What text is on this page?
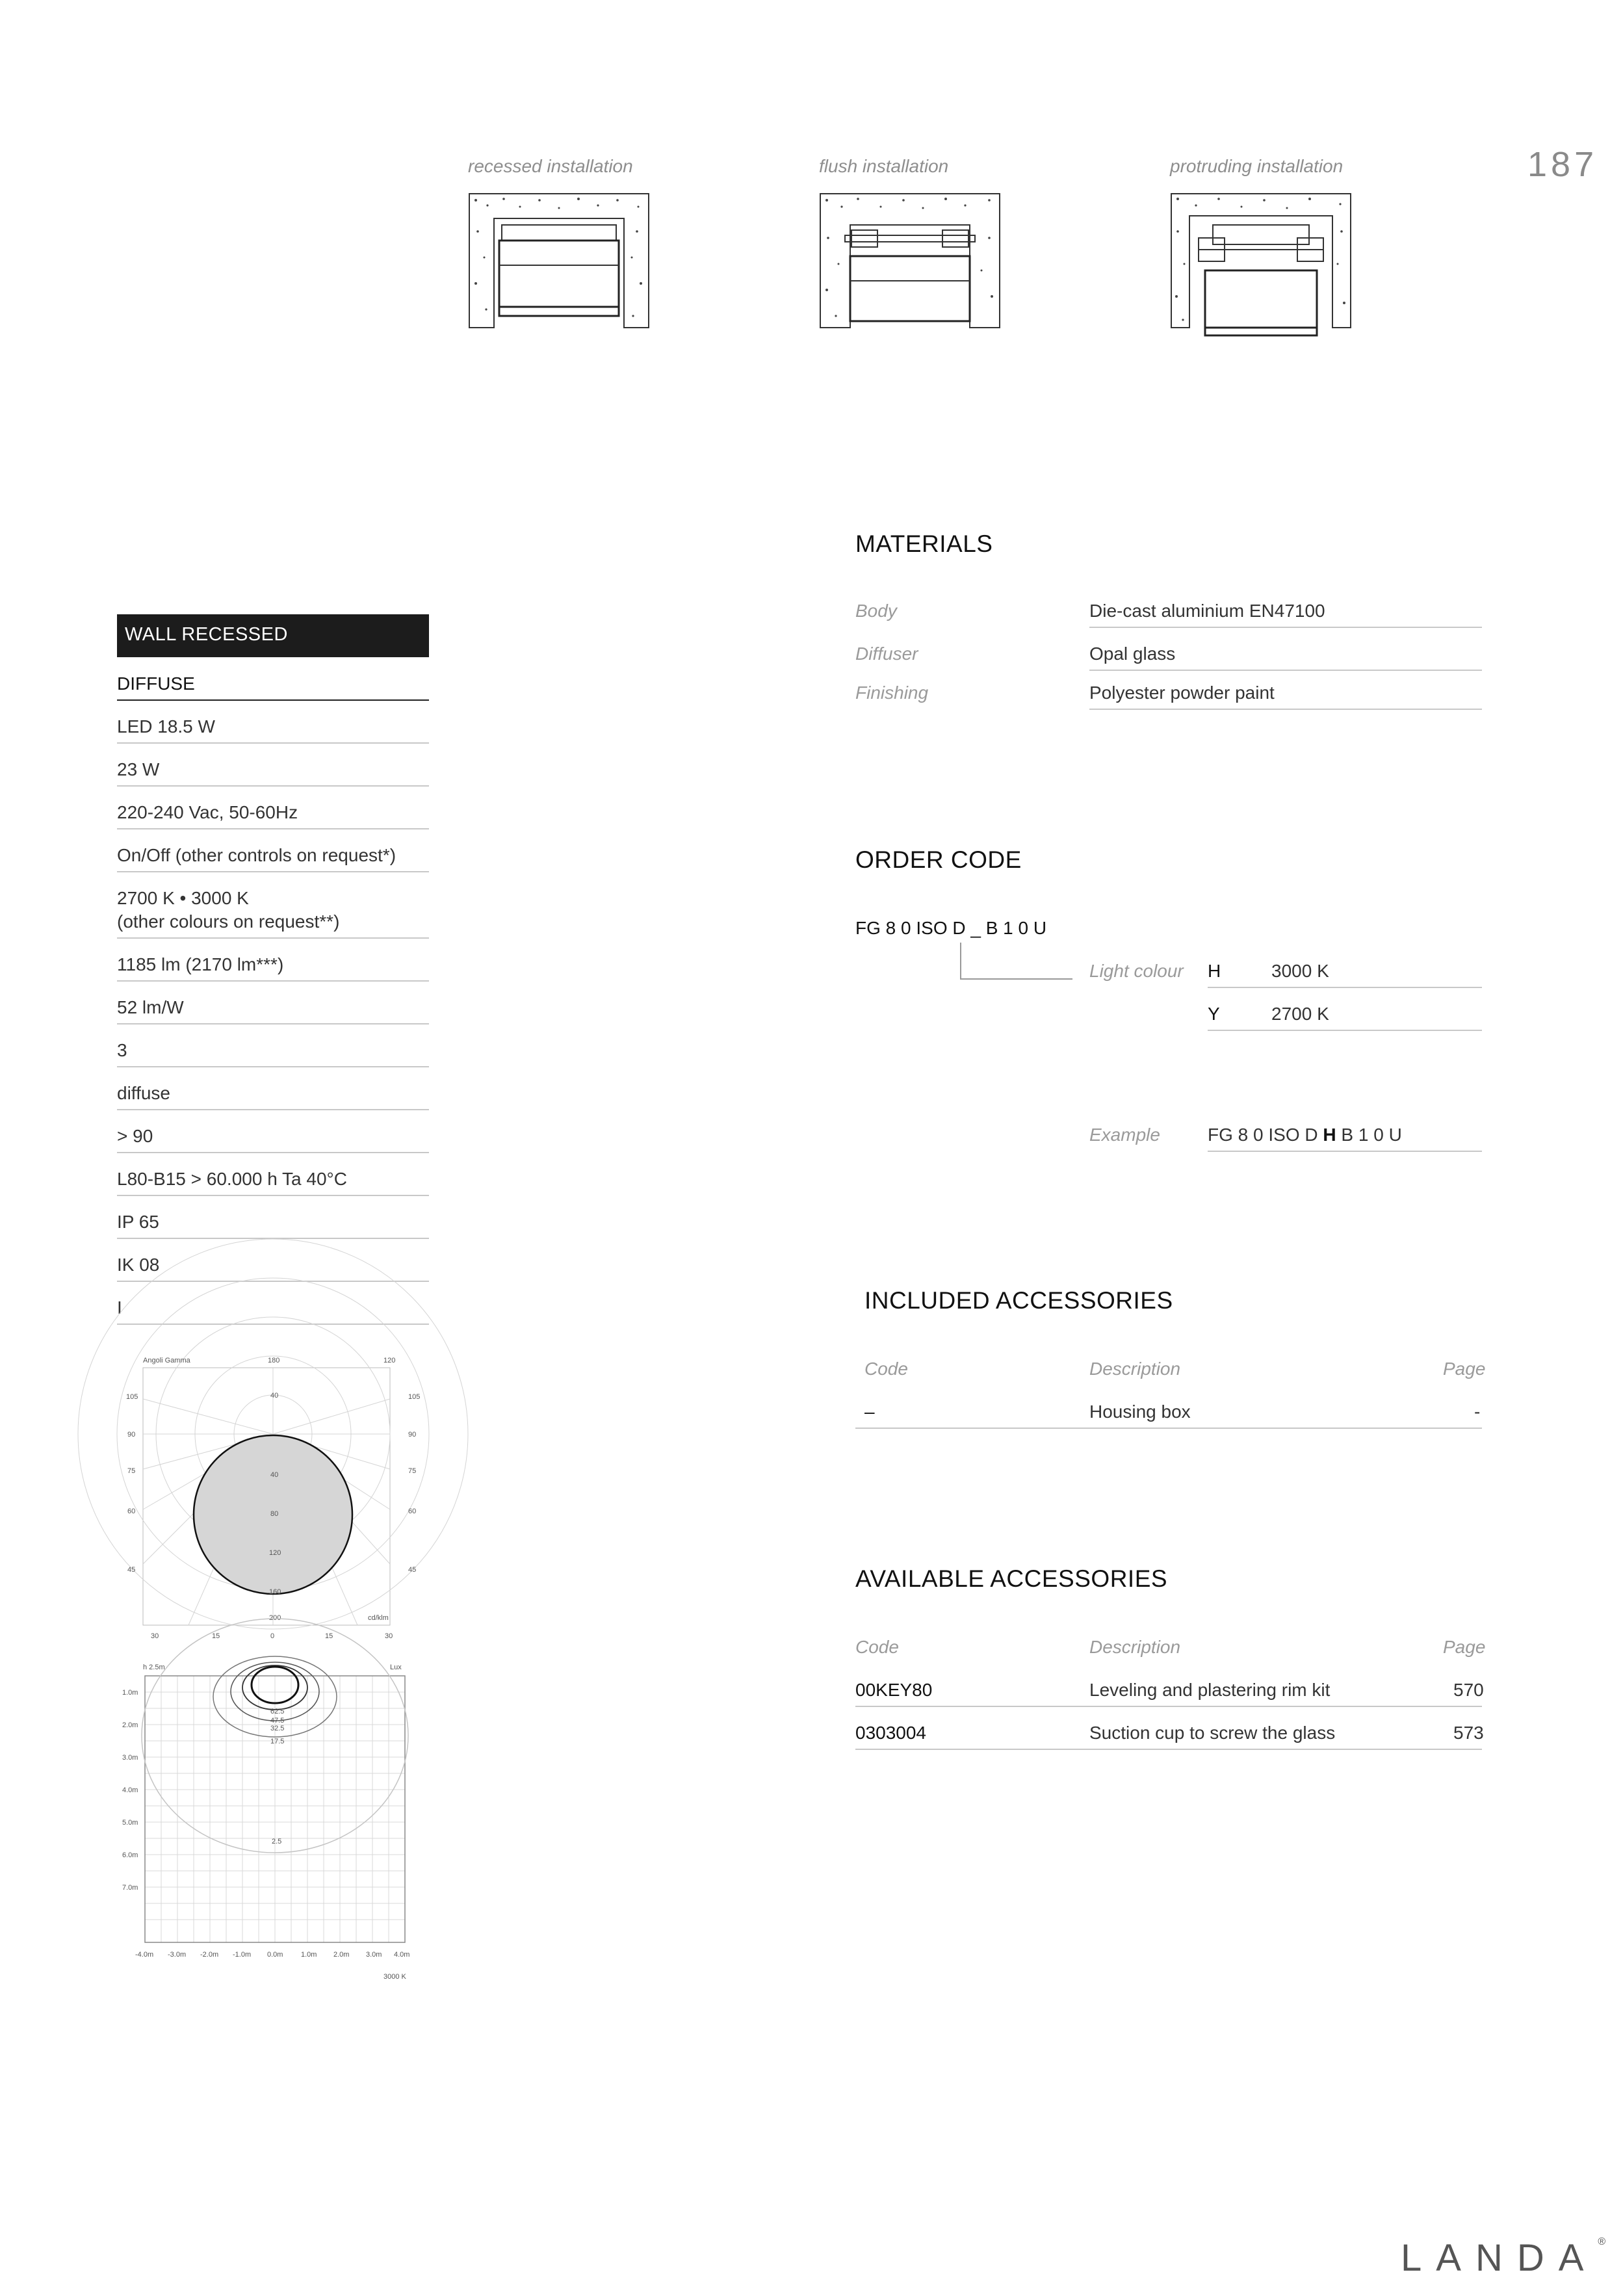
187
recessed installation	flush installation	protruding installation
WALL RECESSED
DIFFUSE
LED 18.5 W
23 W
220-240 Vac, 50-60Hz
On/Off (other controls on request*)
2700 K • 3000 K
(other colours on request**)
1185 lm (2170 lm***)
52 lm/W
3
diffuse
> 90
L80-B15 > 60.000 h Ta 40°C
IP 65
IK 08
I
Angoli Gamma	180	120
105
90
75
60
45
105
90
75
60
45
40
40
80
120
160
200	cd/klm
30	15	0	15	30
h 2.5m	Lux
1.0m
2.0m
3.0m
4.0m
5.0m
6.0m
7.0m
-4.0m -3.0m -2.0m -1.0m 0.0m	1.0m 2.0m 3.0m 4.0m
62.5
47.5
32.5
17.5
2.5
3000 K
MATERIALS
Body	Die-cast aluminium EN47100
Diffuser	Opal glass
Finishing	Polyester powder paint
ORDER CODE
FG 8 0 ISO D _ B 1 0 U
Light colour H	3000 K
Y	2700 K
Example	FG 8 0 ISO D H B 1 0 U
INCLUDED ACCESSORIES
Code	Description	Page
–	Housing box	-
AVAILABLE ACCESSORIES
Code	Description	Page
00KEY80	Leveling and plastering rim kit	570
0303004	Suction cup to screw the glass	573
LANDA®
